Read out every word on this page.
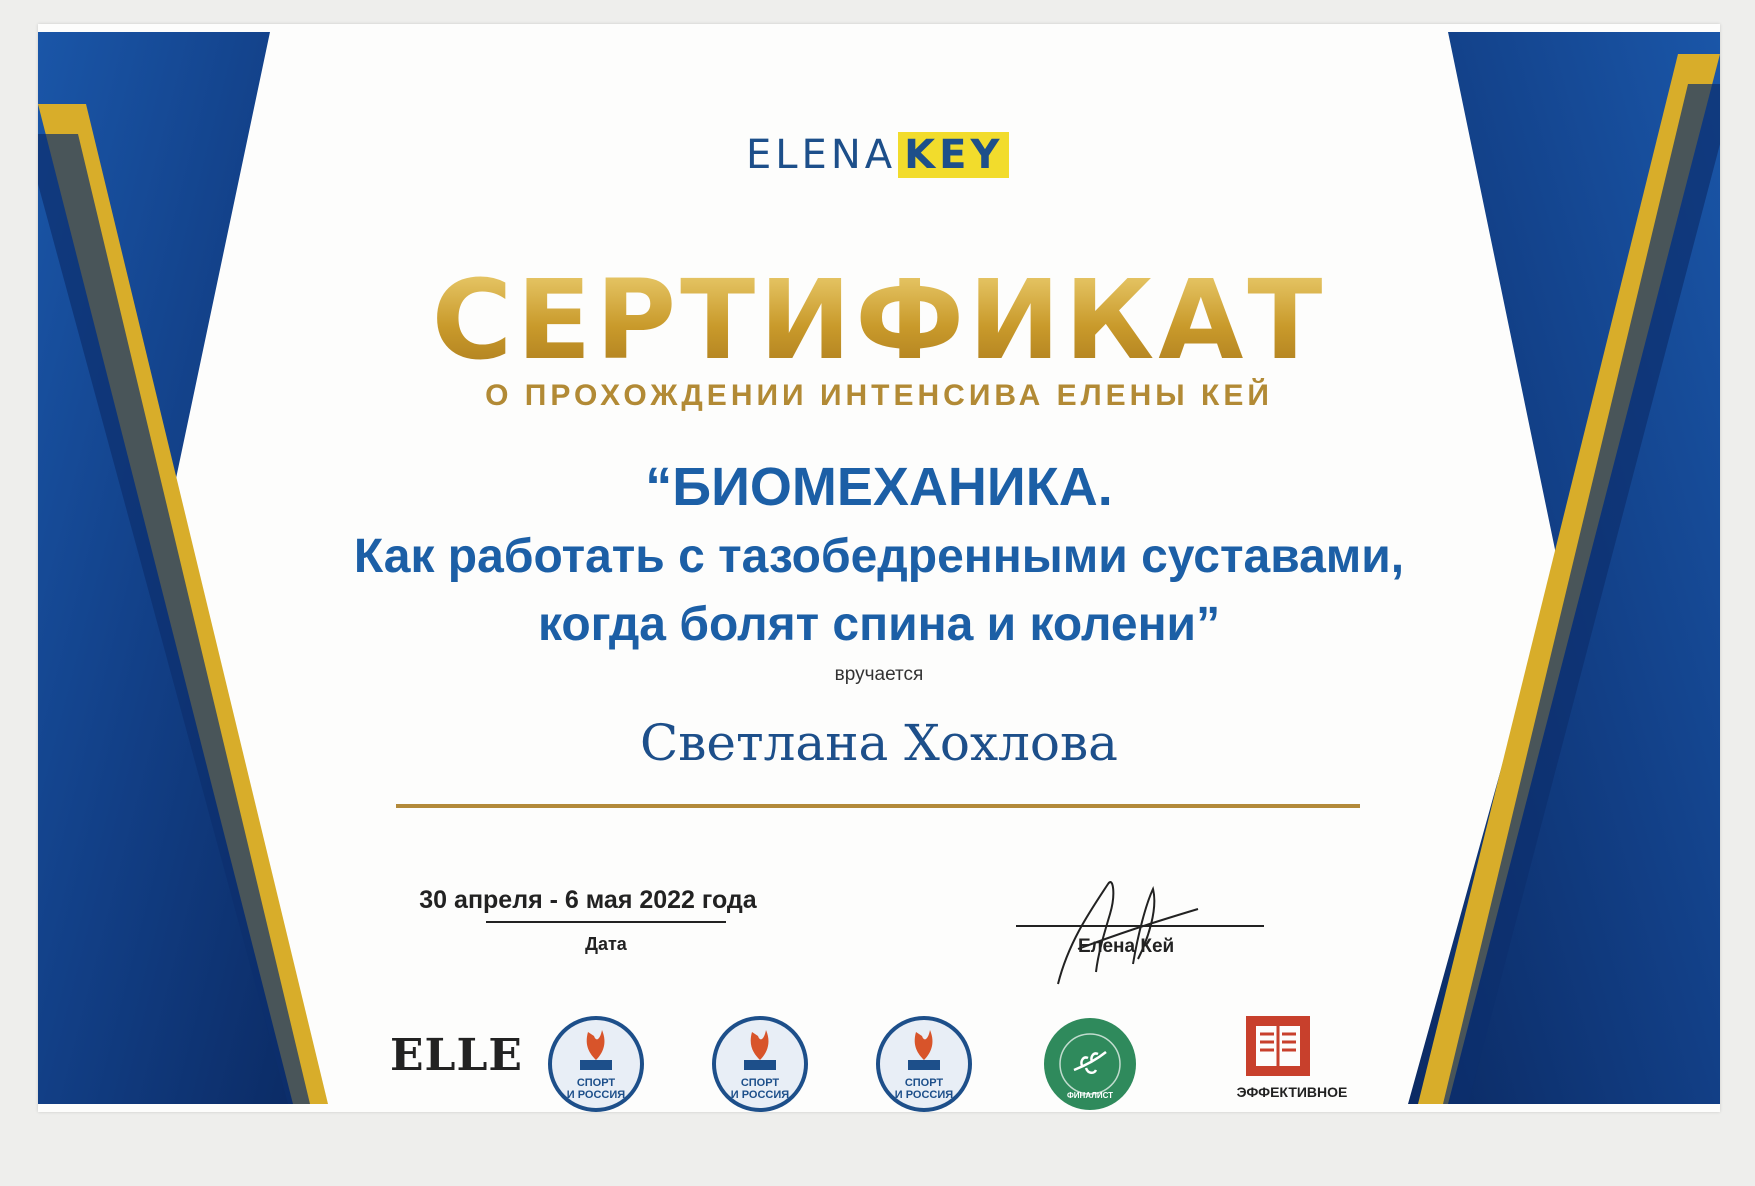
ELENA KEY
СЕРТИФИКАТ
О ПРОХОЖДЕНИИ ИНТЕНСИВА ЕЛЕНЫ КЕЙ
“БИОМЕХАНИКА.
Как работать с тазобедренными суставами,
когда болят спина и колени”
вручается
Светлана Хохлова
30 апреля - 6 мая 2022 года
Дата	Елена Кей
ELLE
СПОРТ
И РОССИЯ
СПОРТ
И РОССИЯ
СПОРТ
И РОССИЯ	ФИНАЛИСТ	ЭФФЕКТИВНОЕ
